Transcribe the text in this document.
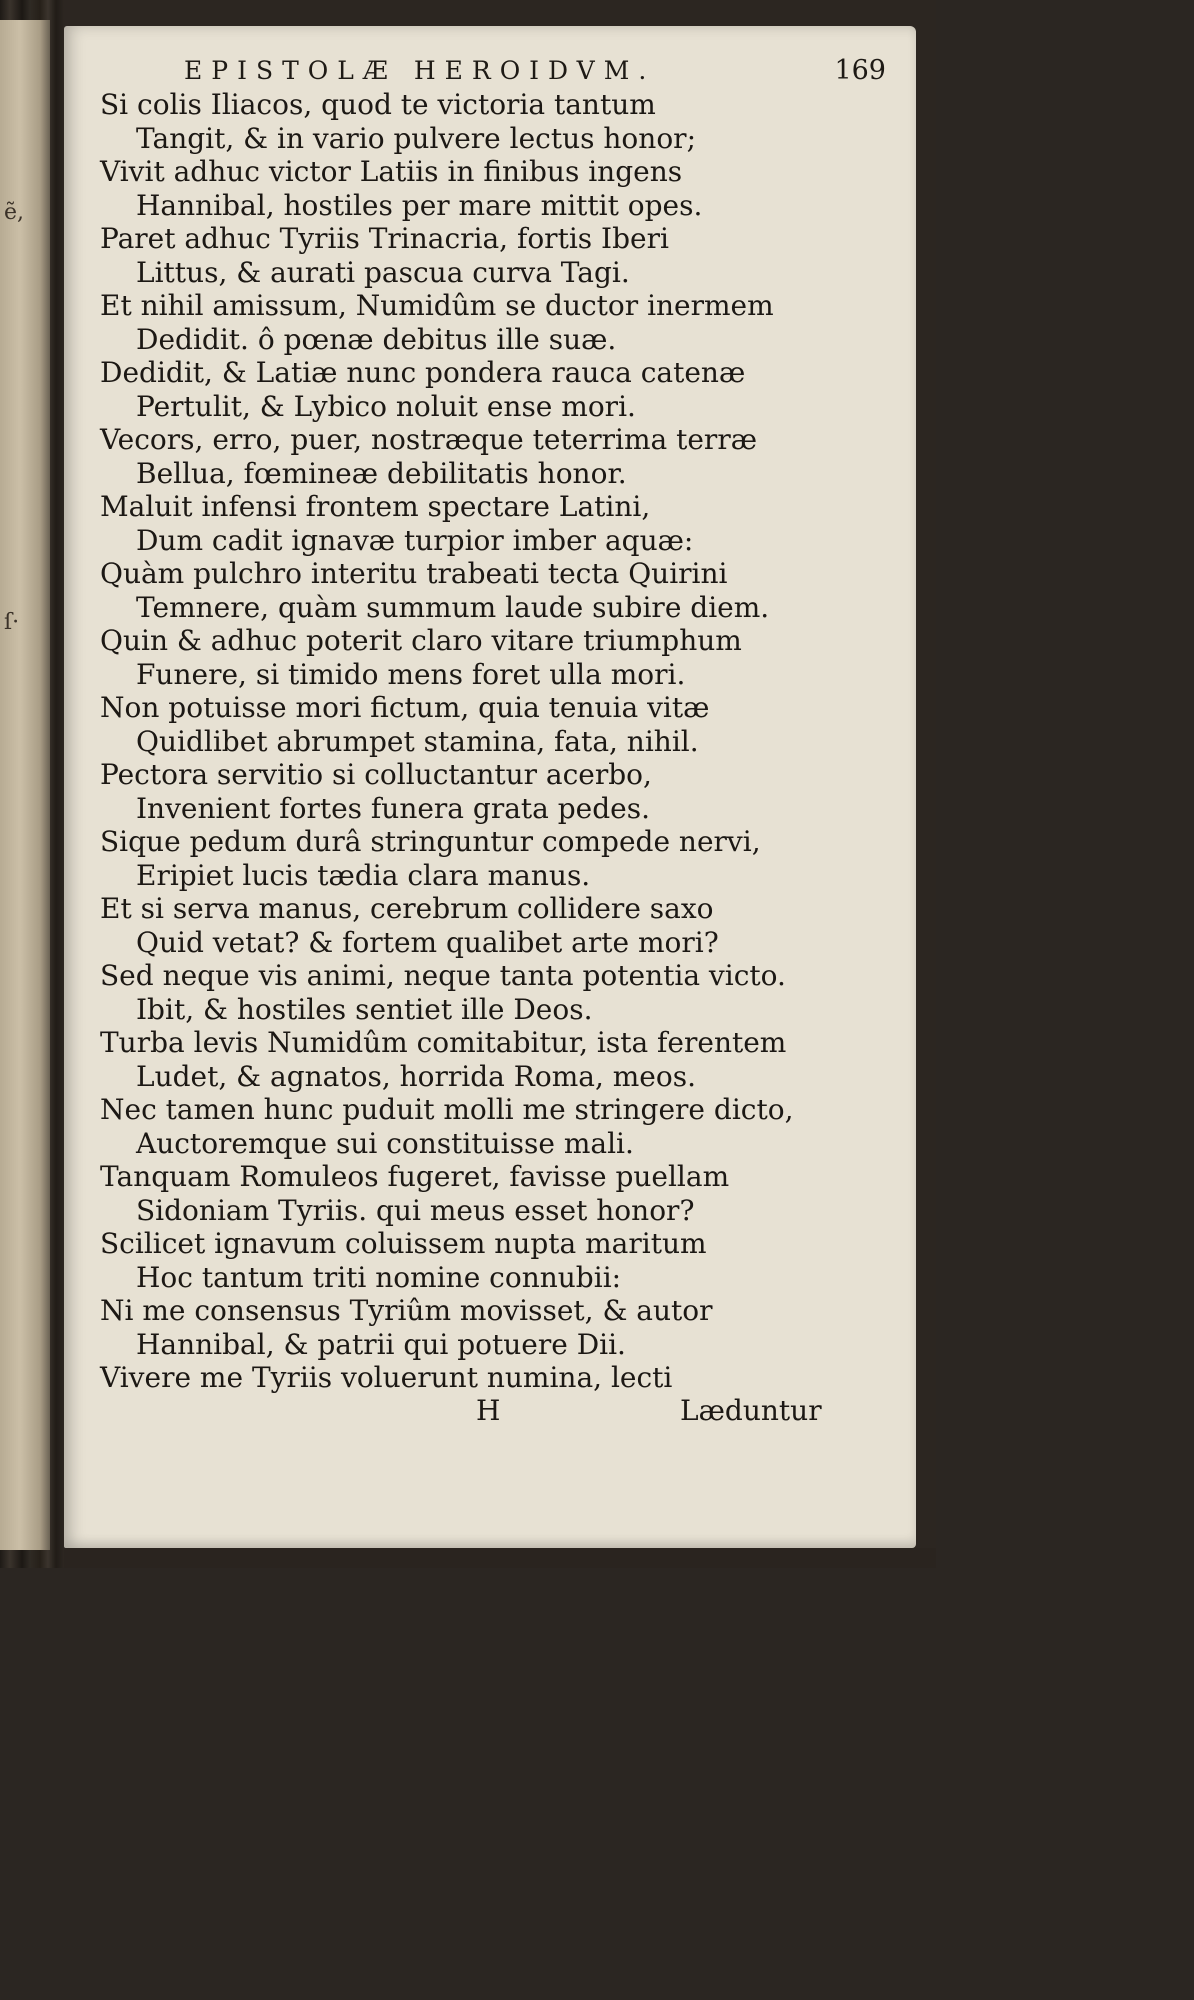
ẽ,
ſ·
EPISTOLÆ HEROIDVM.	169
Si colis Iliacos, quod te victoria tantum
Tangit, & in vario pulvere lectus honor;
Vivit adhuc victor Latiis in finibus ingens
Hannibal, hostiles per mare mittit opes.
Paret adhuc Tyriis Trinacria, fortis Iberi
Littus, & aurati pascua curva Tagi.
Et nihil amissum, Numidûm se ductor inermem
Dedidit. ô pœnæ debitus ille suæ.
Dedidit, & Latiæ nunc pondera rauca catenæ
Pertulit, & Lybico noluit ense mori.
Vecors, erro, puer, nostræque teterrima terræ
Bellua, fœmineæ debilitatis honor.
Maluit infensi frontem spectare Latini,
Dum cadit ignavæ turpior imber aquæ:
Quàm pulchro interitu trabeati tecta Quirini
Temnere, quàm summum laude subire diem.
Quin & adhuc poterit claro vitare triumphum
Funere, si timido mens foret ulla mori.
Non potuisse mori fictum, quia tenuia vitæ
Quidlibet abrumpet stamina, fata, nihil.
Pectora servitio si colluctantur acerbo,
Invenient fortes funera grata pedes.
Sique pedum durâ stringuntur compede nervi,
Eripiet lucis tædia clara manus.
Et si serva manus, cerebrum collidere saxo
Quid vetat? & fortem qualibet arte mori?
Sed neque vis animi, neque tanta potentia victo.
Ibit, & hostiles sentiet ille Deos.
Turba levis Numidûm comitabitur, ista ferentem
Ludet, & agnatos, horrida Roma, meos.
Nec tamen hunc puduit molli me stringere dicto,
Auctoremque sui constituisse mali.
Tanquam Romuleos fugeret, favisse puellam
Sidoniam Tyriis. qui meus esset honor?
Scilicet ignavum coluissem nupta maritum
Hoc tantum triti nomine connubii:
Ni me consensus Tyriûm movisset, & autor
Hannibal, & patrii qui potuere Dii.
Vivere me Tyriis voluerunt numina, lecti
H	Læduntur
